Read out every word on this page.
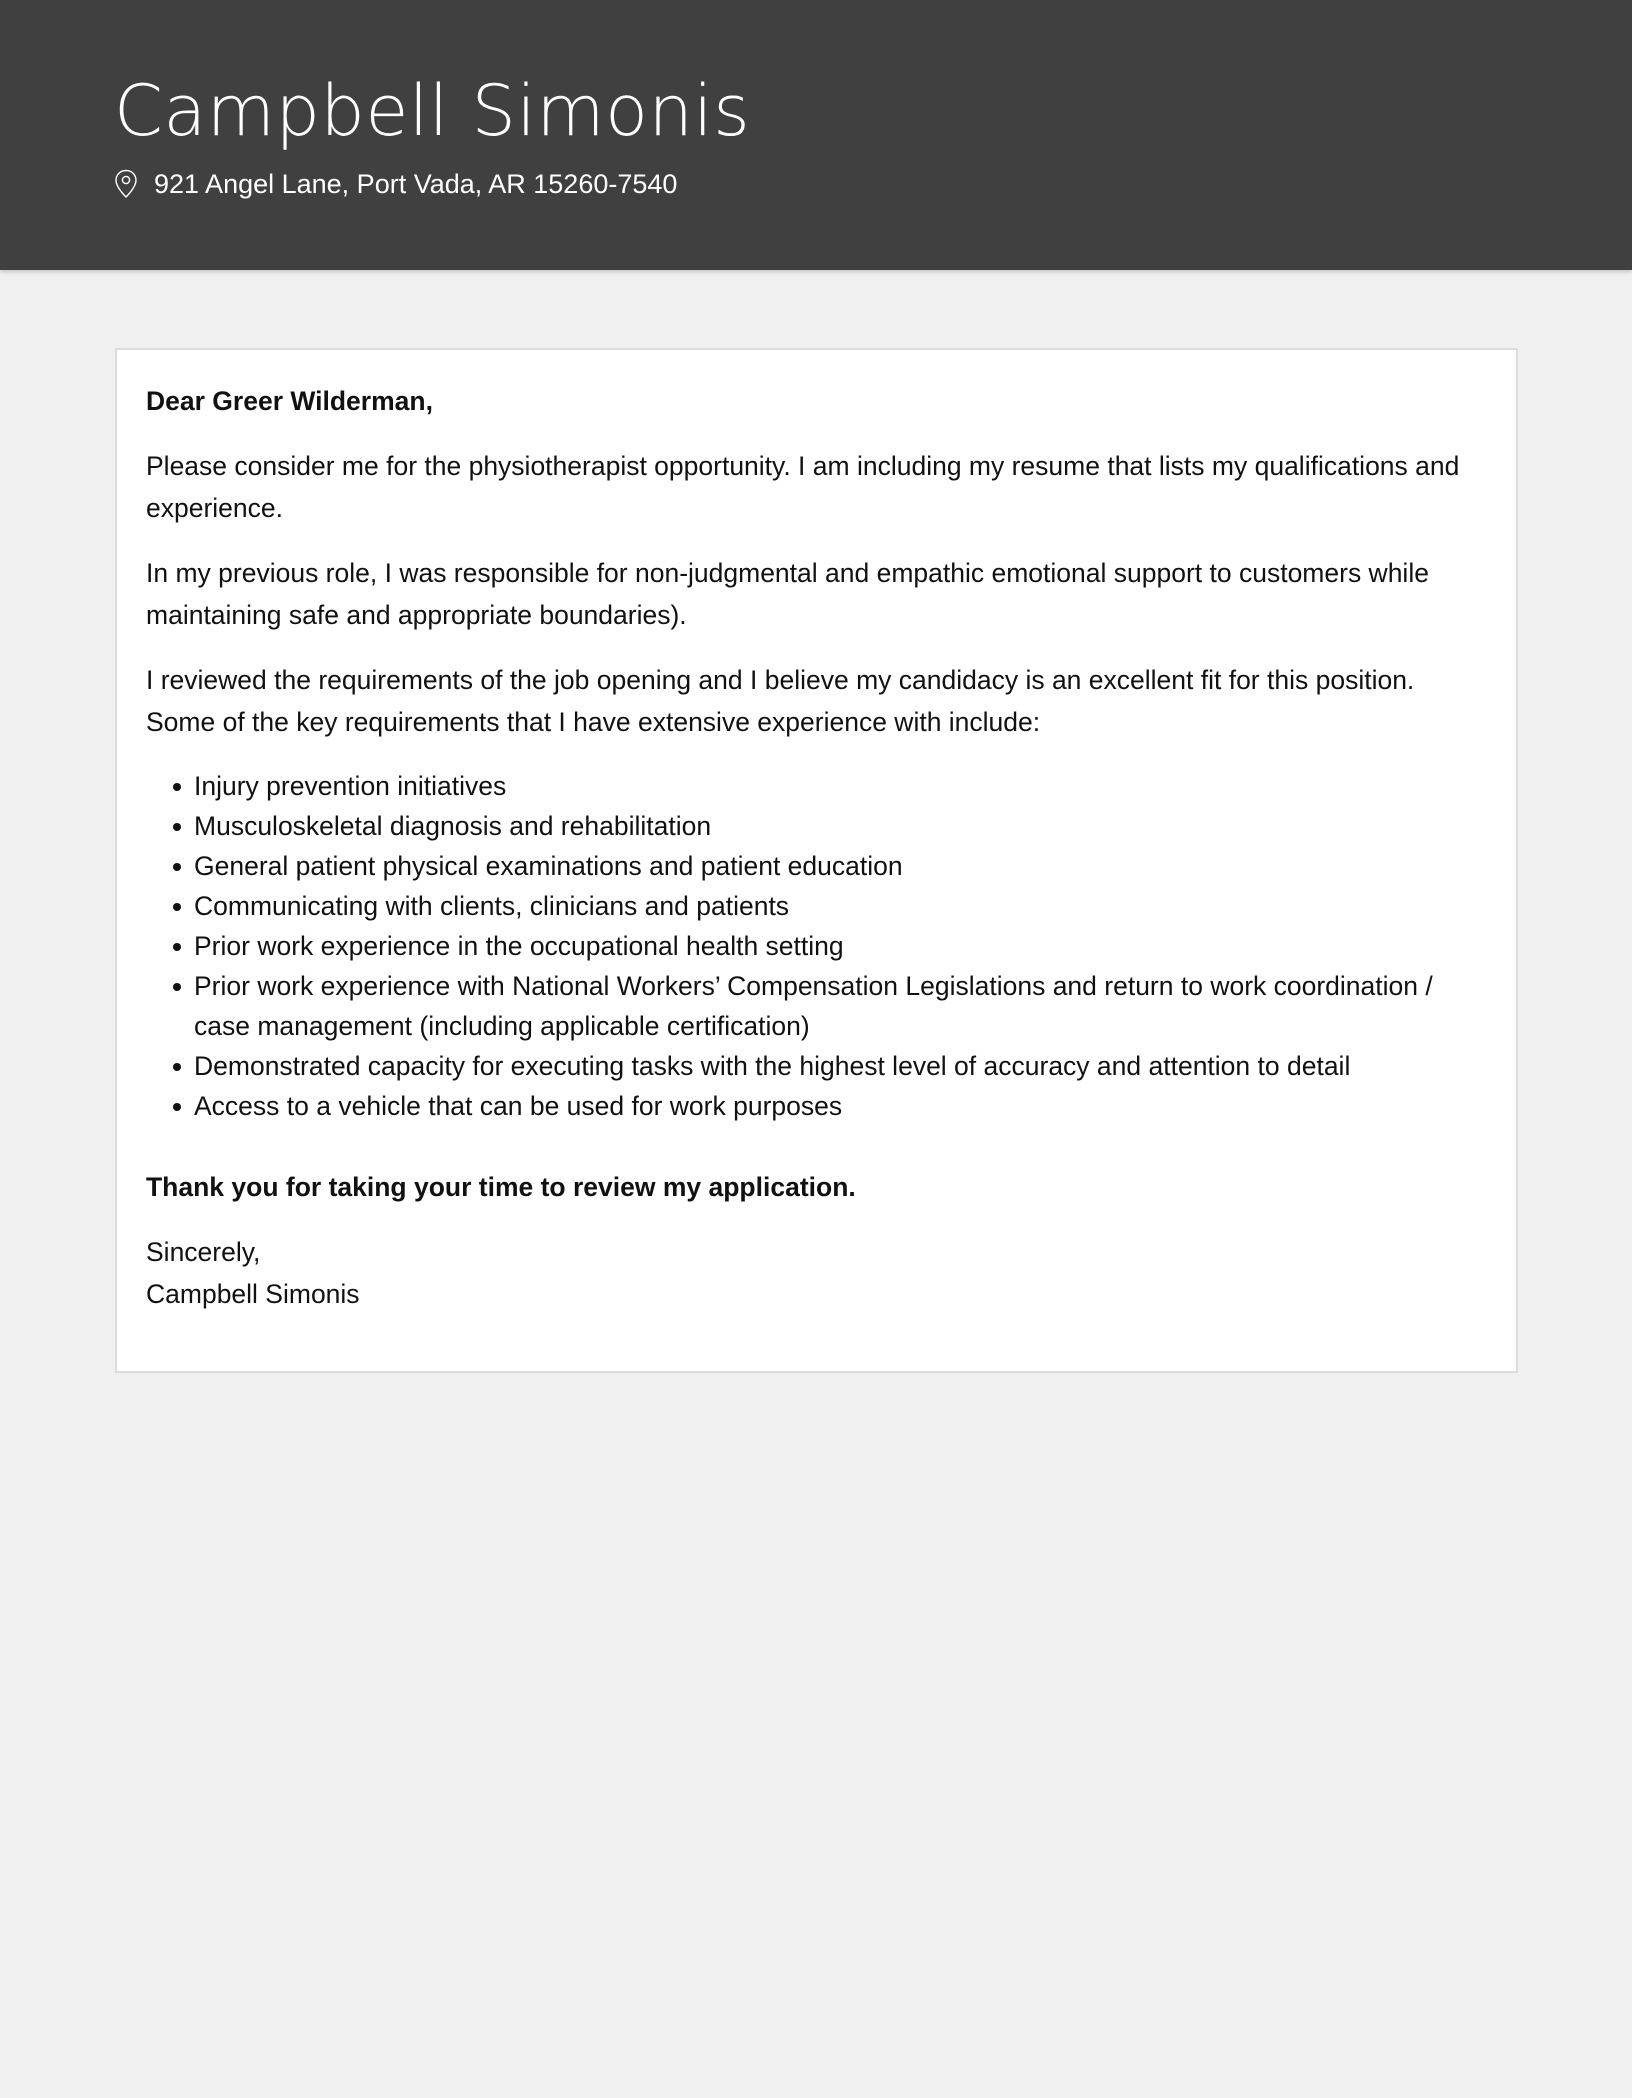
Campbell Simonis
921 Angel Lane, Port Vada, AR 15260-7540

Dear Greer Wilderman,

Please consider me for the physiotherapist opportunity. I am including my resume that lists my qualifications and experience.

In my previous role, I was responsible for non-judgmental and empathic emotional support to customers while maintaining safe and appropriate boundaries).

I reviewed the requirements of the job opening and I believe my candidacy is an excellent fit for this position. Some of the key requirements that I have extensive experience with include:

Injury prevention initiatives
Musculoskeletal diagnosis and rehabilitation
General patient physical examinations and patient education
Communicating with clients, clinicians and patients
Prior work experience in the occupational health setting
Prior work experience with National Workers’ Compensation Legislations and return to work coordination / case management (including applicable certification)
Demonstrated capacity for executing tasks with the highest level of accuracy and attention to detail
Access to a vehicle that can be used for work purposes

Thank you for taking your time to review my application.

Sincerely,
Campbell Simonis
